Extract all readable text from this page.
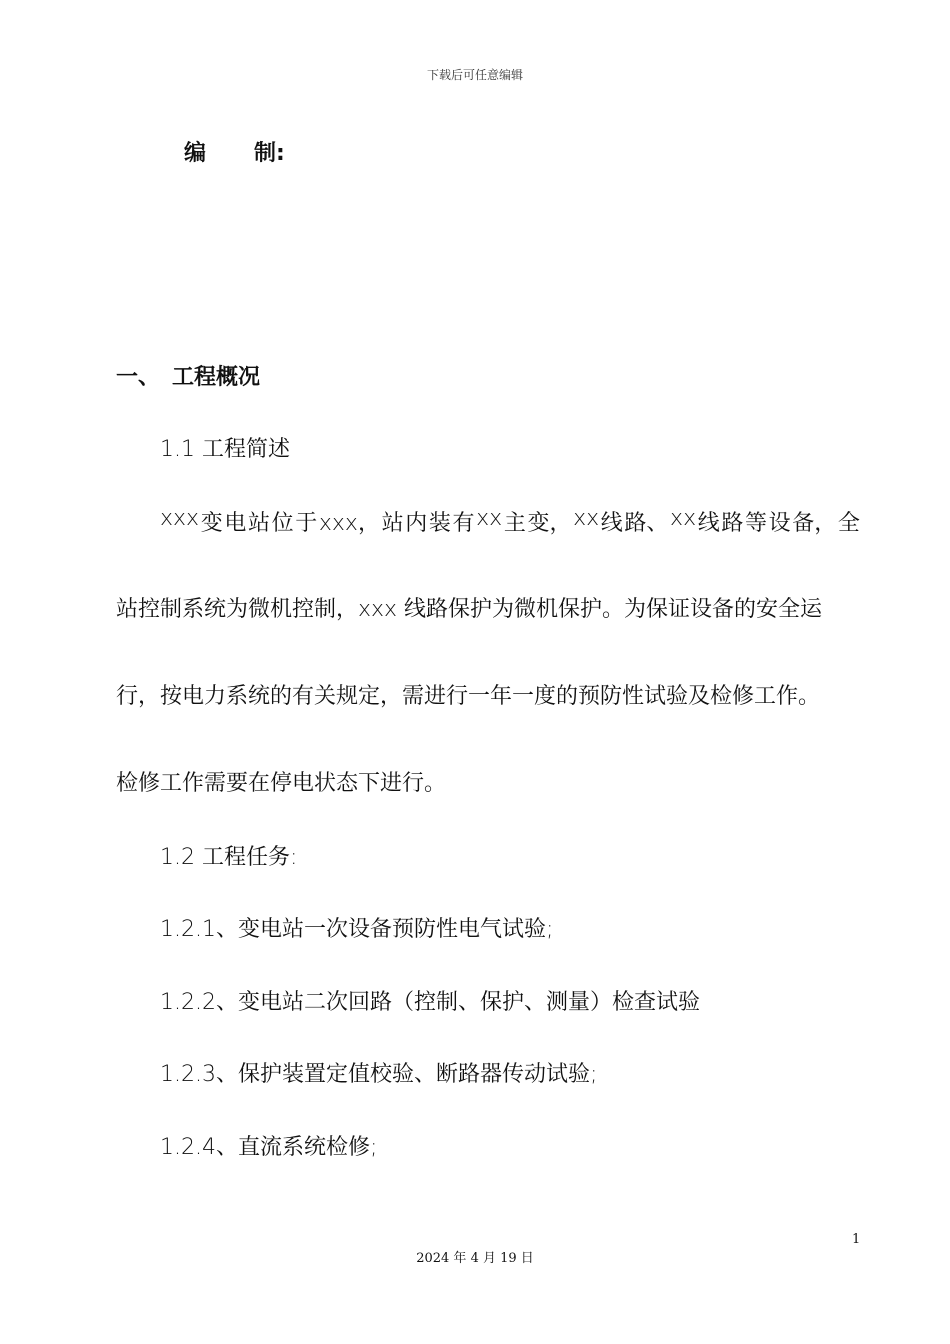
下载后可任意编辑
编 制:
一、 工程概况
1.1 工程简述
xxx 变 电 站 位 于 xxx， 站 内 装 有 xx 主 变， xx 线 路、 xx 线 路 等 设 备， 全
站控制系统为微机控制，xxx 线路保护为微机保护。为保证设备的安全运
行，按电力系统的有关规定，需进行一年一度的预防性试验及检修工作。
检修工作需要在停电状态下进行。
1.2 工程任务:
1.2.1、变电站一次设备预防性电气试验;
1.2.2、变电站二次回路（控制、保护、测量）检查试验
1.2.3、保护装置定值校验、断路器传动试验;
1.2.4、直流系统检修;
1
2024 年 4 月 19 日
